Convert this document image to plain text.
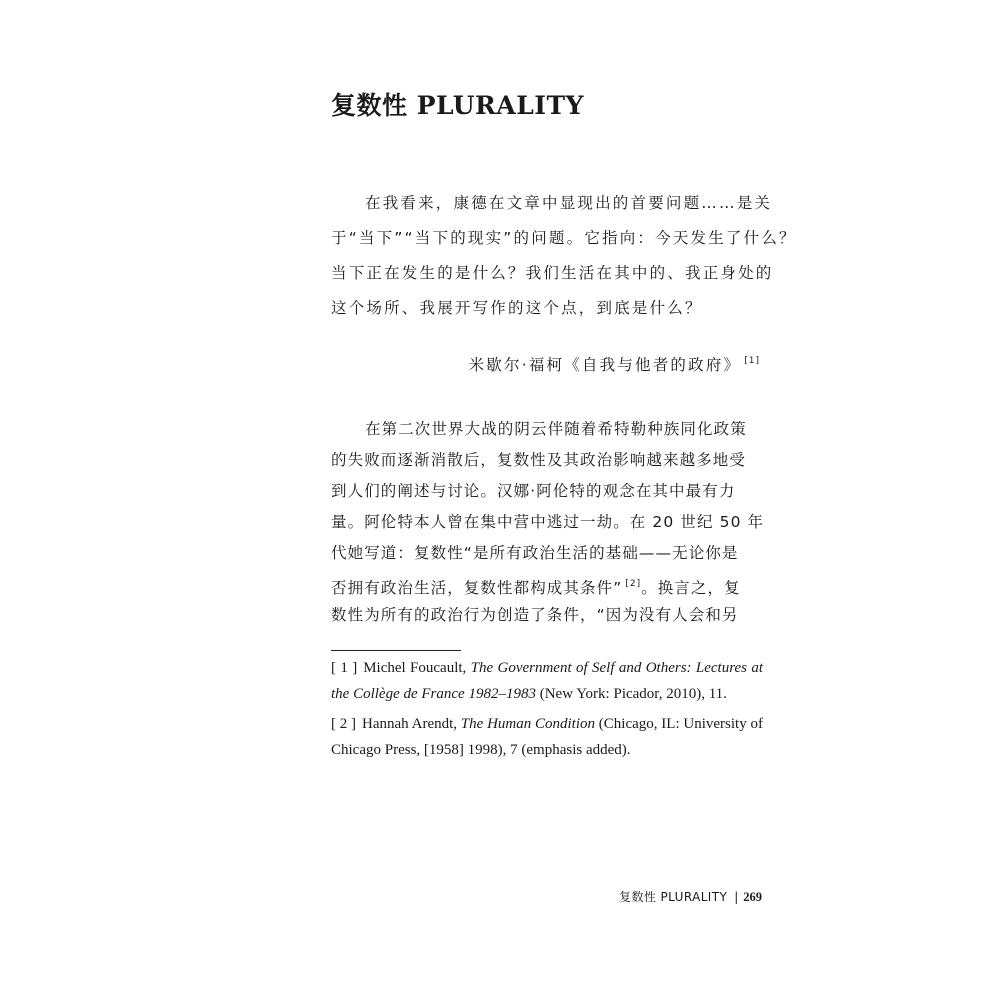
复数性 PLURALITY
在我看来，康德在文章中显现出的首要问题……是关
于“当下”“当下的现实”的问题。它指向：今天发生了什么？
当下正在发生的是什么？我们生活在其中的、我正身处的
这个场所、我展开写作的这个点，到底是什么？

米歇尔·福柯《自我与他者的政府》 [1]

在第二次世界大战的阴云伴随着希特勒种族同化政策
的失败而逐渐消散后，复数性及其政治影响越来越多地受
到人们的阐述与讨论。汉娜·阿伦特的观念在其中最有力
量。阿伦特本人曾在集中营中逃过一劫。在 20 世纪 50 年
代她写道：复数性“是所有政治生活的基础——无论你是
否拥有政治生活，复数性都构成其条件” [2]。换言之，复
数性为所有的政治行为创造了条件，“因为没有人会和另

[ 1 ] Michel Foucault, The Government of Self and Others: Lectures at the Collège de France 1982–1983 (New York: Picador, 2010), 11.

[ 2 ] Hannah Arendt, The Human Condition (Chicago, IL: University of Chicago Press, [1958] 1998), 7 (emphasis added).

复数性 PLURALITY | 269
